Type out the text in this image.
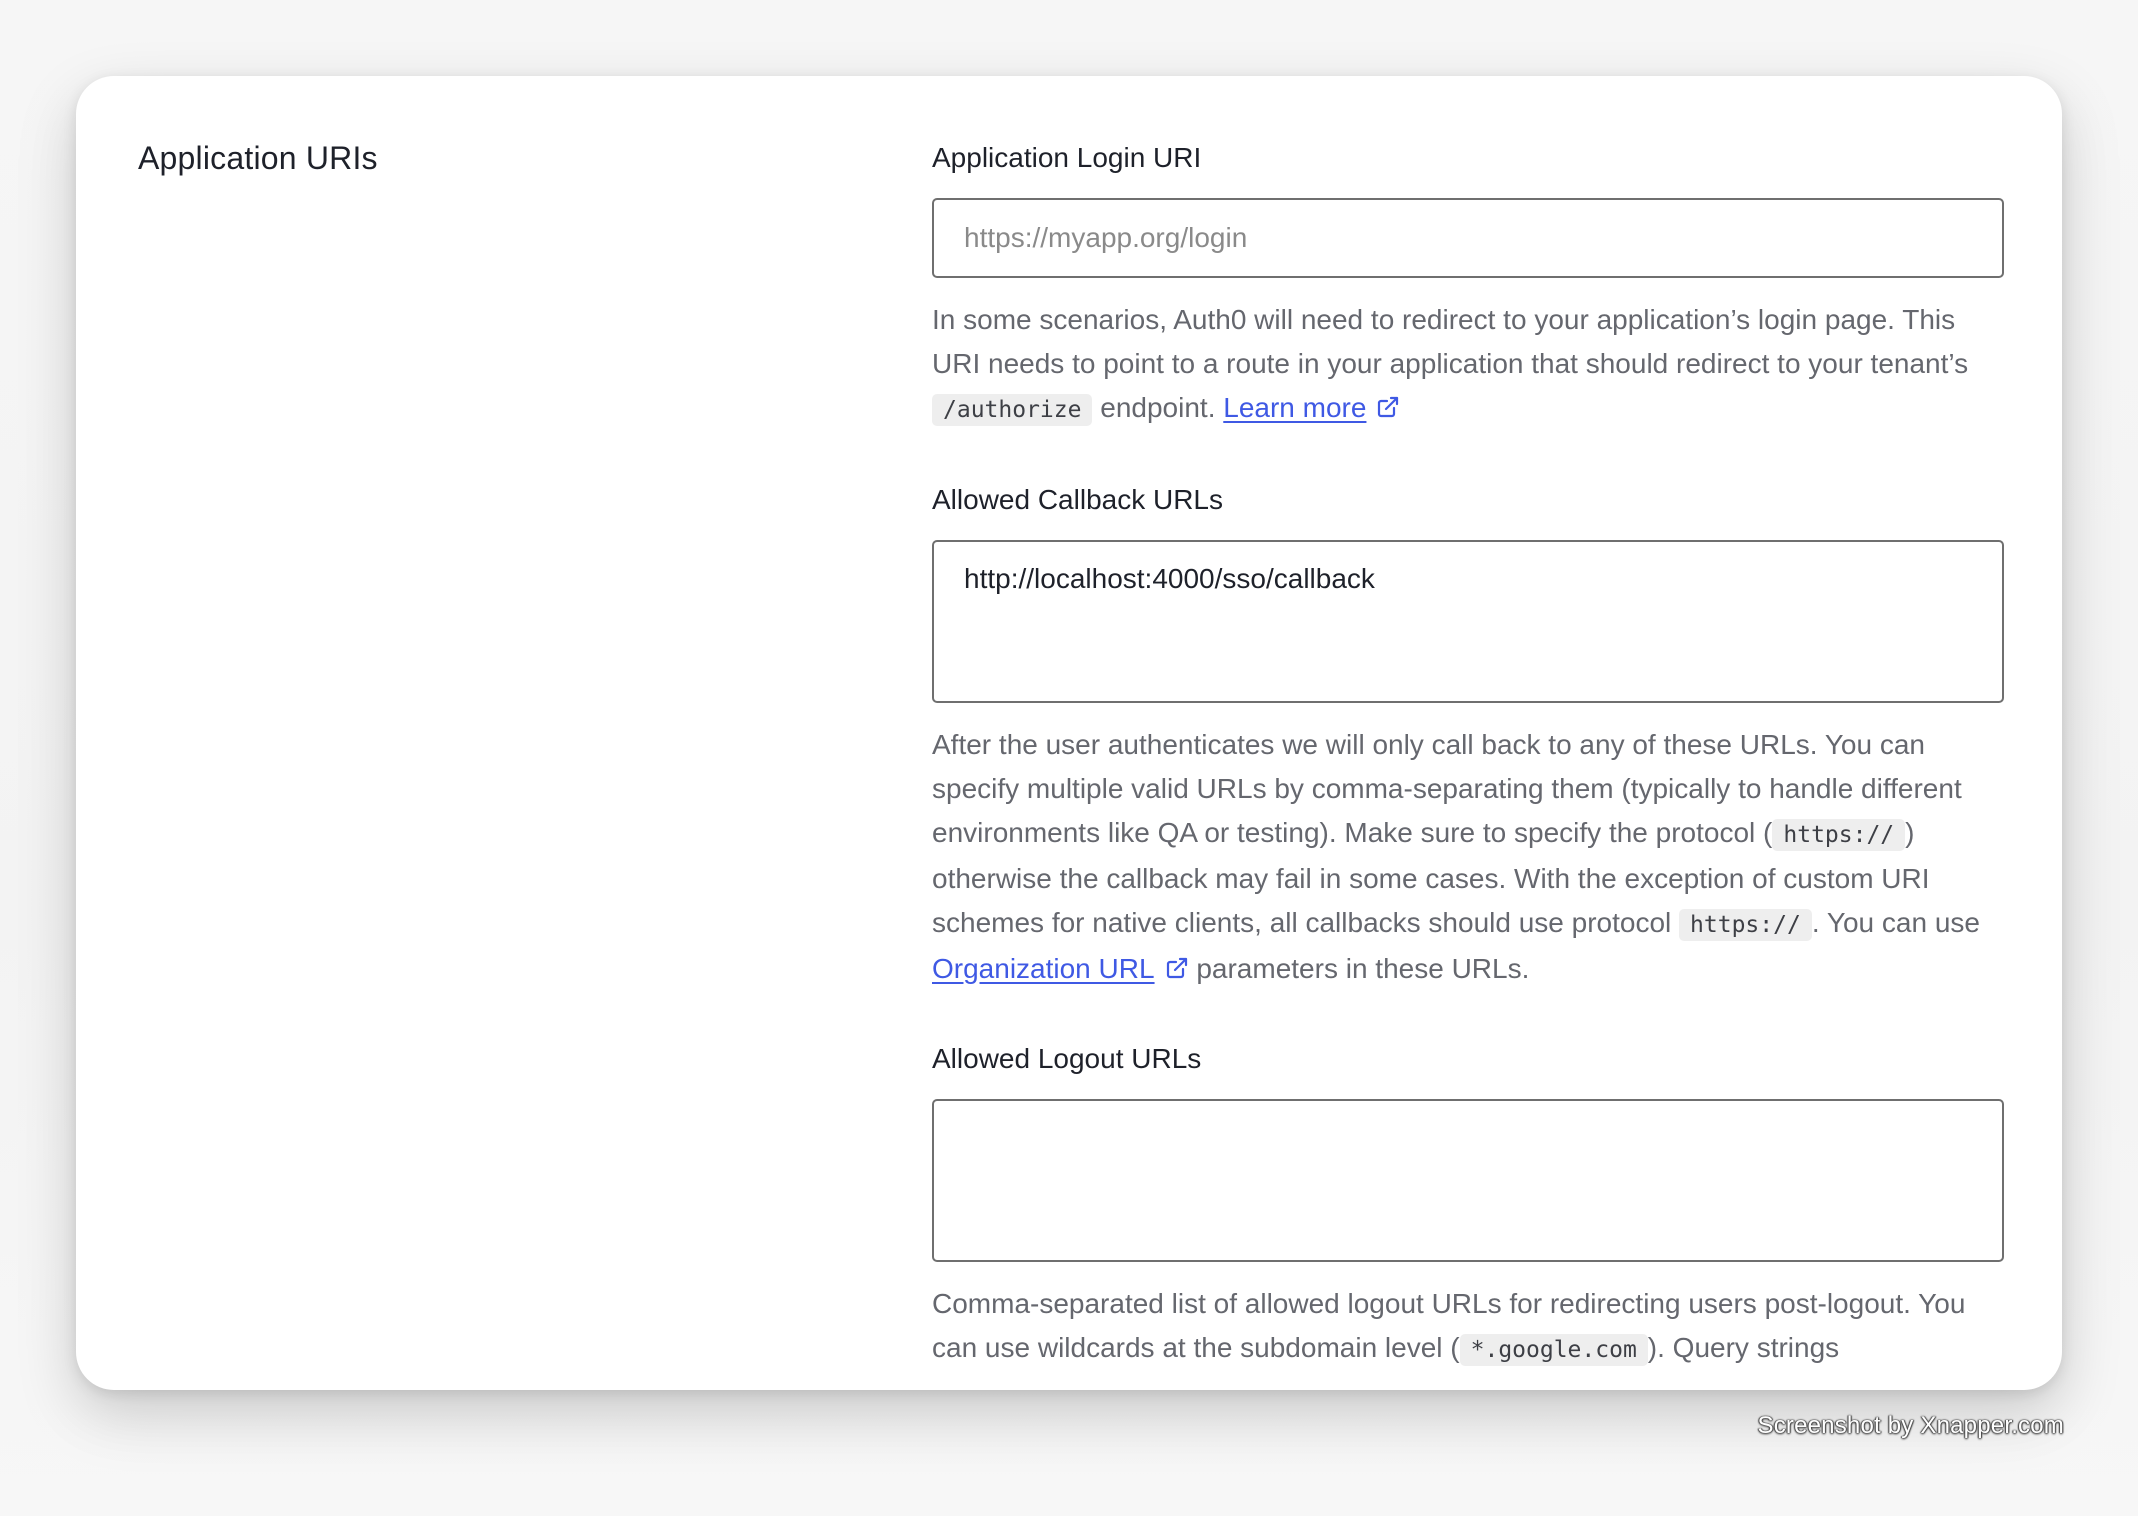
Application URIs	Application Login URI
https://myapp.org/login

In some scenarios, Auth0 will need to redirect to your application’s login page. This URI needs to point to a route in your application that should redirect to your tenant’s /authorize endpoint. Learn more

Allowed Callback URLs
http://localhost:4000/sso/callback

After the user authenticates we will only call back to any of these URLs. You can specify multiple valid URLs by comma-separating them (typically to handle different environments like QA or testing). Make sure to specify the protocol ( https:// ) otherwise the callback may fail in some cases. With the exception of custom URI schemes for native clients, all callbacks should use protocol https:// . You can use Organization URL parameters in these URLs.

Allowed Logout URLs

Comma-separated list of allowed logout URLs for redirecting users post-logout. You can use wildcards at the subdomain level ( *.google.com ). Query strings

Screenshot by Xnapper.com
